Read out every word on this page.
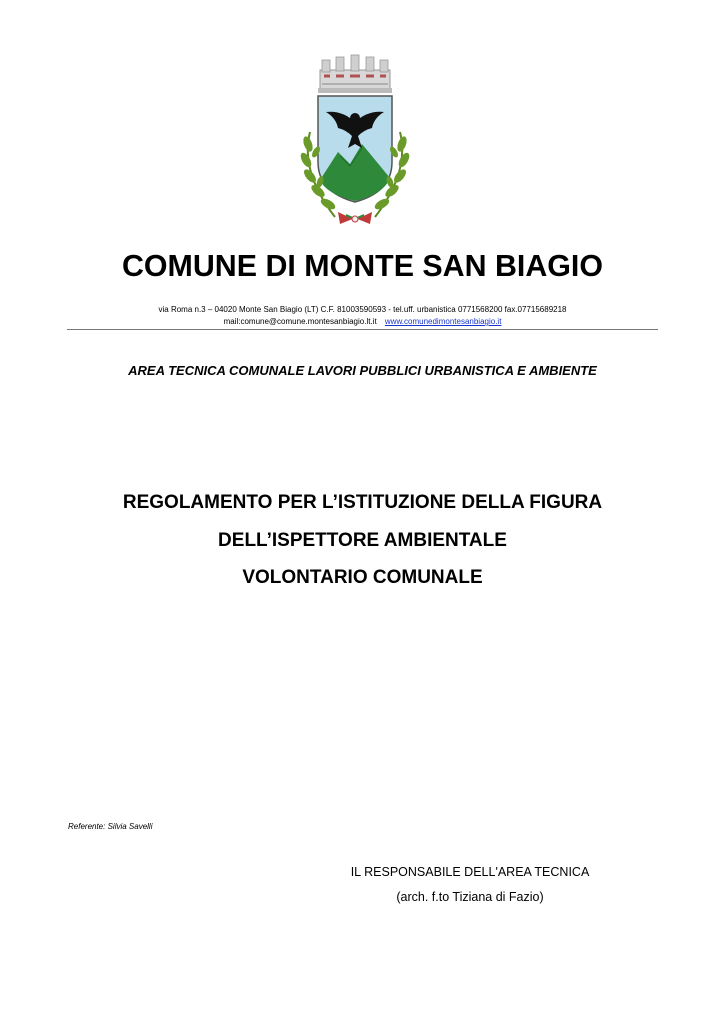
COMUNE DI MONTE SAN BIAGIO
via Roma n.3 – 04020 Monte San Biagio (LT) C.F. 81003590593 - tel.uff. urbanistica 0771568200 fax.07715689218
mail:comune@comune.montesanbiagio.lt.it www.comunedimontesanbiagio.it
AREA TECNICA COMUNALE LAVORI PUBBLICI URBANISTICA E AMBIENTE
REGOLAMENTO PER L’ISTITUZIONE DELLA FIGURA
DELL’ISPETTORE AMBIENTALE
VOLONTARIO COMUNALE
Referente: Silvia Savelli
IL RESPONSABILE DELL'AREA TECNICA
(arch. f.to Tiziana di Fazio)
